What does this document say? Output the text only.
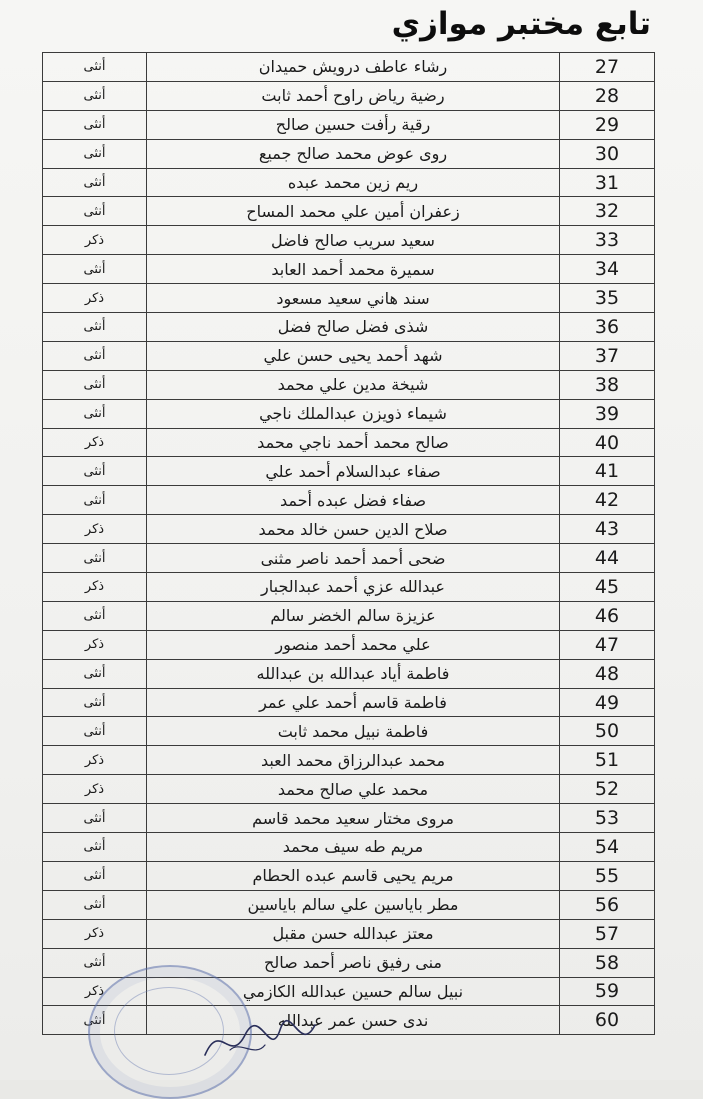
تابع مختبر موازي
27	رشاء عاطف درويش حميدان	أنثى
28	رضية رياض راوح أحمد ثابت	أنثى
29	رقية رأفت حسين صالح	أنثى
30	روى عوض محمد صالح جميع	أنثى
31	ريم زين محمد عبده	أنثى
32	زعفران أمين علي محمد المساح	أنثى
33	سعيد سريب صالح فاضل	ذكر
34	سميرة محمد أحمد العابد	أنثى
35	سند هاني سعيد مسعود	ذكر
36	شذى فضل صالح فضل	أنثى
37	شهد أحمد يحيى حسن علي	أنثى
38	شيخة مدين علي محمد	أنثى
39	شيماء ذويزن عبدالملك ناجي	أنثى
40	صالح محمد أحمد ناجي محمد	ذكر
41	صفاء عبدالسلام أحمد علي	أنثى
42	صفاء فضل عبده أحمد	أنثى
43	صلاح الدين حسن خالد محمد	ذكر
44	ضحى أحمد أحمد ناصر مثنى	أنثى
45	عبدالله عزي أحمد عبدالجبار	ذكر
46	عزيزة سالم الخضر سالم	أنثى
47	علي محمد أحمد منصور	ذكر
48	فاطمة أياد عبدالله بن عبدالله	أنثى
49	فاطمة قاسم أحمد علي عمر	أنثى
50	فاطمة نبيل محمد ثابت	أنثى
51	محمد عبدالرزاق محمد العبد	ذكر
52	محمد علي صالح محمد	ذكر
53	مروى مختار سعيد محمد قاسم	أنثى
54	مريم طه سيف محمد	أنثى
55	مريم يحيى قاسم عبده الحطام	أنثى
56	مطر باياسين علي سالم باياسين	أنثى
57	معتز عبدالله حسن مقبل	ذكر
58	منى رفيق ناصر أحمد صالح	أنثى
59	نبيل سالم حسين عبدالله الكازمي	ذكر
60	ندى حسن عمر عبدالله	أنثى
